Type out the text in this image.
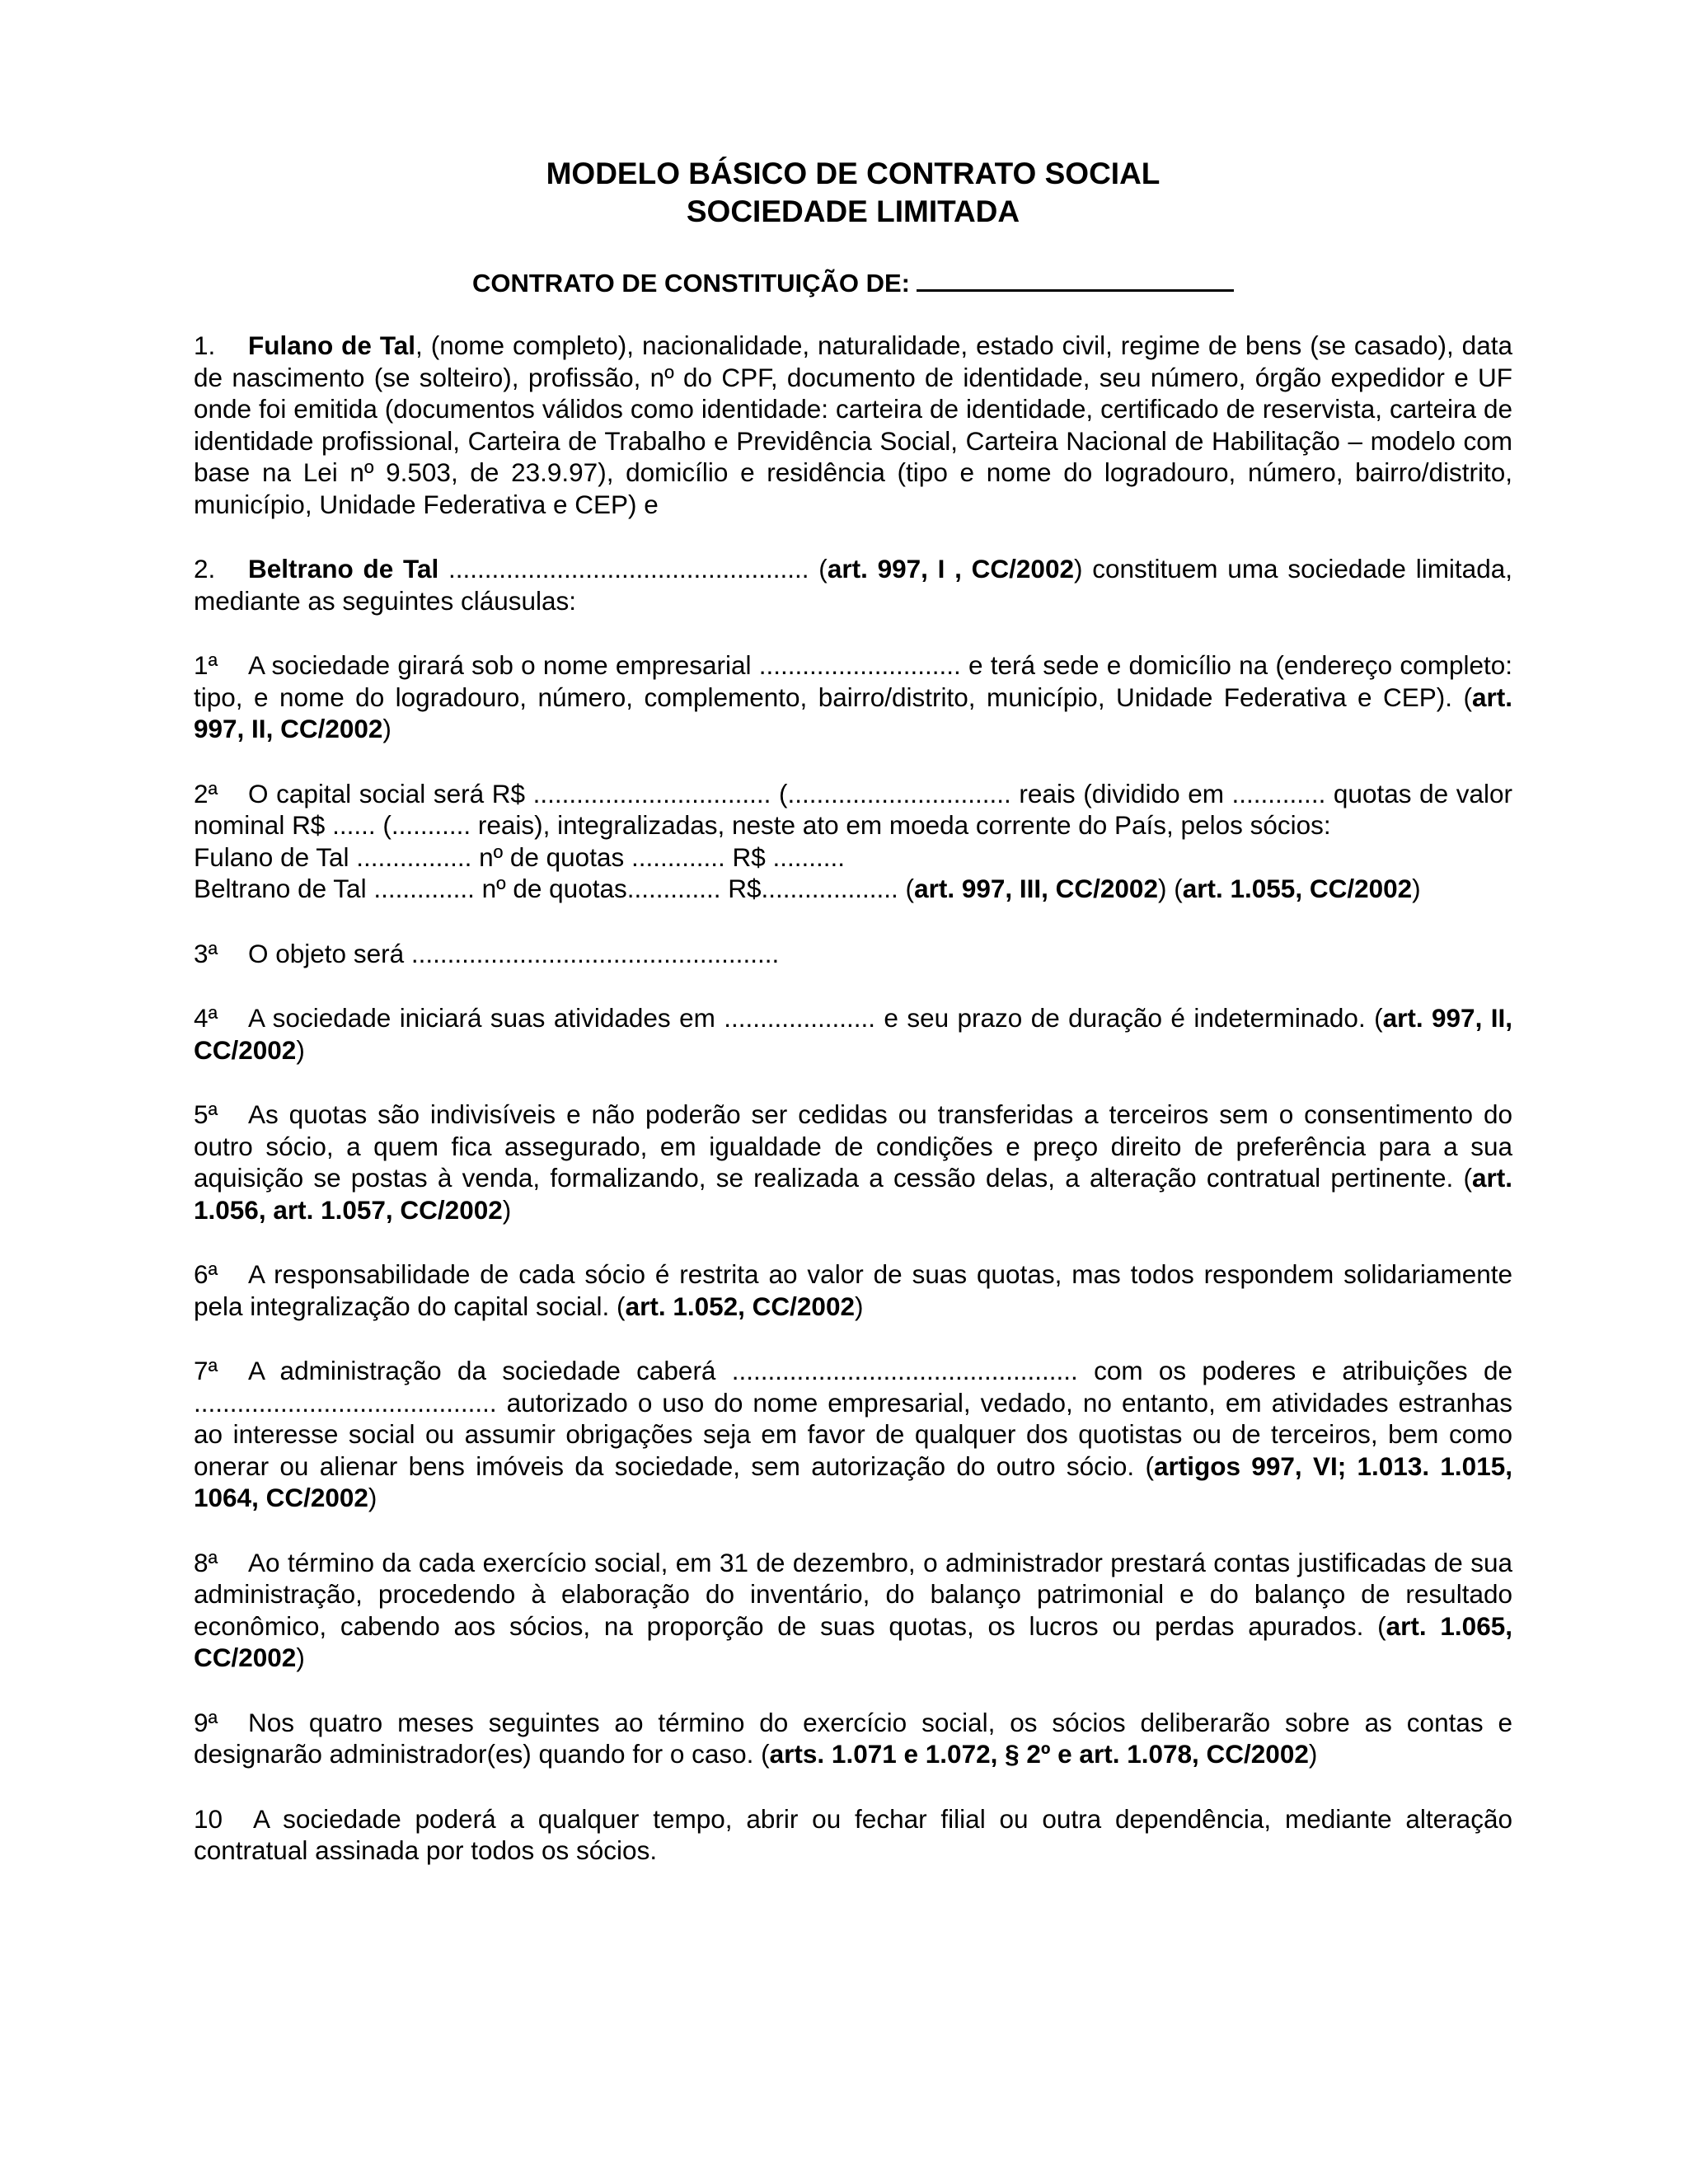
MODELO BÁSICO DE CONTRATO SOCIAL
SOCIEDADE LIMITADA
CONTRATO DE CONSTITUIÇÃO DE:

1. Fulano de Tal, (nome completo), nacionalidade, naturalidade, estado civil, regime de bens (se casado), data de nascimento (se solteiro), profissão, nº do CPF, documento de identidade, seu número, órgão expedidor e UF onde foi emitida (documentos válidos como identidade: carteira de identidade, certificado de reservista, carteira de identidade profissional, Carteira de Trabalho e Previdência Social, Carteira Nacional de Habilitação – modelo com base na Lei nº 9.503, de 23.9.97), domicílio e residência (tipo e nome do logradouro, número, bairro/distrito, município, Unidade Federativa e CEP) e

2. Beltrano de Tal .................................................. (art. 997, I , CC/2002) constituem uma sociedade limitada, mediante as seguintes cláusulas:

1ª A sociedade girará sob o nome empresarial ............................ e terá sede e domicílio na (endereço completo: tipo, e nome do logradouro, número, complemento, bairro/distrito, município, Unidade Federativa e CEP). (art. 997, II, CC/2002)

2ª O capital social será R$ ................................. (............................... reais (dividido em ............. quotas de valor nominal R$ ...... (........... reais), integralizadas, neste ato em moeda corrente do País, pelos sócios:
Fulano de Tal ................ nº de quotas ............. R$ ..........
Beltrano de Tal .............. nº de quotas............. R$................... (art. 997, III, CC/2002) (art. 1.055, CC/2002)

3ª O objeto será ...................................................

4ª A sociedade iniciará suas atividades em ..................... e seu prazo de duração é indeterminado. (art. 997, II, CC/2002)

5ª As quotas são indivisíveis e não poderão ser cedidas ou transferidas a terceiros sem o consentimento do outro sócio, a quem fica assegurado, em igualdade de condições e preço direito de preferência para a sua aquisição se postas à venda, formalizando, se realizada a cessão delas, a alteração contratual pertinente. (art. 1.056, art. 1.057, CC/2002)

6ª A responsabilidade de cada sócio é restrita ao valor de suas quotas, mas todos respondem solidariamente pela integralização do capital social. (art. 1.052, CC/2002)

7ª A administração da sociedade caberá ................................................ com os poderes e atribuições de .......................................... autorizado o uso do nome empresarial, vedado, no entanto, em atividades estranhas ao interesse social ou assumir obrigações seja em favor de qualquer dos quotistas ou de terceiros, bem como onerar ou alienar bens imóveis da sociedade, sem autorização do outro sócio. (artigos 997, VI; 1.013. 1.015, 1064, CC/2002)

8ª Ao término da cada exercício social, em 31 de dezembro, o administrador prestará contas justificadas de sua administração, procedendo à elaboração do inventário, do balanço patrimonial e do balanço de resultado econômico, cabendo aos sócios, na proporção de suas quotas, os lucros ou perdas apurados. (art. 1.065, CC/2002)

9ª Nos quatro meses seguintes ao término do exercício social, os sócios deliberarão sobre as contas e designarão administrador(es) quando for o caso. (arts. 1.071 e 1.072, § 2º e art. 1.078, CC/2002)

10 A sociedade poderá a qualquer tempo, abrir ou fechar filial ou outra dependência, mediante alteração contratual assinada por todos os sócios.
